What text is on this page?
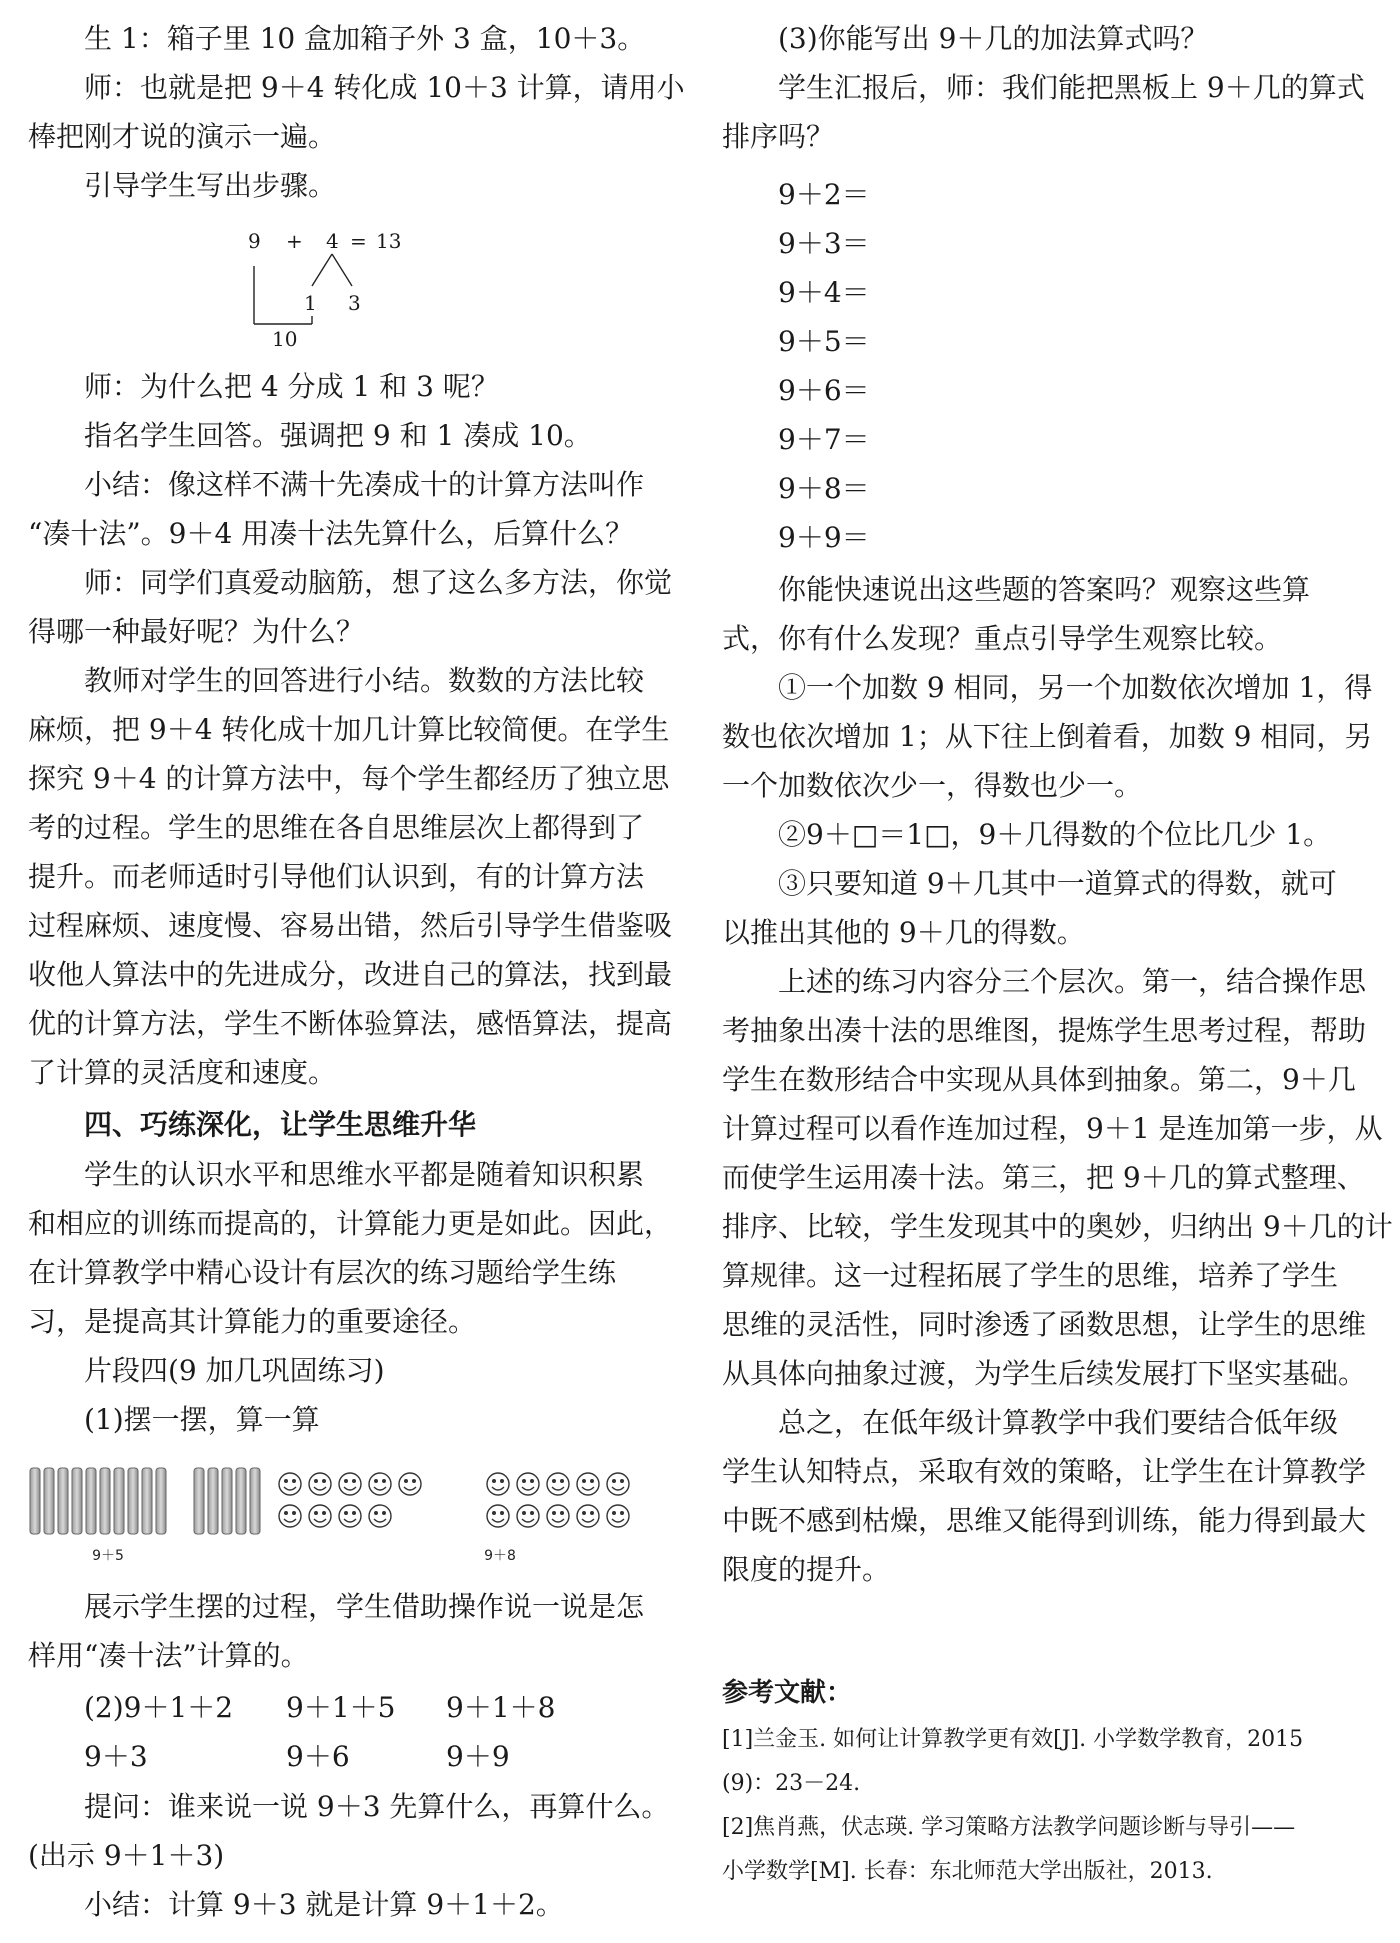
生 1：箱子里 10 盒加箱子外 3 盒，10＋3。

师：也就是把 9＋4 转化成 10＋3 计算，请用小

棒把刚才说的演示一遍。

引导学生写出步骤。

9 + 4 = 13
1 3
10

师：为什么把 4 分成 1 和 3 呢？

指名学生回答。强调把 9 和 1 凑成 10。

小结：像这样不满十先凑成十的计算方法叫作

“凑十法”。9＋4 用凑十法先算什么，后算什么？

师：同学们真爱动脑筋，想了这么多方法，你觉

得哪一种最好呢？为什么？

教师对学生的回答进行小结。数数的方法比较

麻烦，把 9＋4 转化成十加几计算比较简便。在学生

探究 9＋4 的计算方法中，每个学生都经历了独立思

考的过程。学生的思维在各自思维层次上都得到了

提升。而老师适时引导他们认识到，有的计算方法

过程麻烦、速度慢、容易出错，然后引导学生借鉴吸

收他人算法中的先进成分，改进自己的算法，找到最

优的计算方法，学生不断体验算法，感悟算法，提高

了计算的灵活度和速度。

四、巧练深化，让学生思维升华

学生的认识水平和思维水平都是随着知识积累

和相应的训练而提高的，计算能力更是如此。因此，

在计算教学中精心设计有层次的练习题给学生练

习，是提高其计算能力的重要途径。

片段四(9 加几巩固练习)

(1)摆一摆，算一算

9＋5	9＋8

展示学生摆的过程，学生借助操作说一说是怎

样用“凑十法”计算的。

(2)9＋1＋2 9＋1＋5 9＋1＋8
9＋3	9＋6	9＋9

提问：谁来说一说 9＋3 先算什么，再算什么。

(出示 9＋1＋3)

小结：计算 9＋3 就是计算 9＋1＋2。

(3)你能写出 9＋几的加法算式吗？

学生汇报后，师：我们能把黑板上 9＋几的算式

排序吗？

9＋2＝
9＋3＝
9＋4＝
9＋5＝
9＋6＝
9＋7＝
9＋8＝
9＋9＝

你能快速说出这些题的答案吗？观察这些算

式，你有什么发现？重点引导学生观察比较。

①一个加数 9 相同，另一个加数依次增加 1，得

数也依次增加 1；从下往上倒着看，加数 9 相同，另

一个加数依次少一，得数也少一。

②9＋□＝1□，9＋几得数的个位比几少 1。

③只要知道 9＋几其中一道算式的得数，就可

以推出其他的 9＋几的得数。

上述的练习内容分三个层次。第一，结合操作思

考抽象出凑十法的思维图，提炼学生思考过程，帮助

学生在数形结合中实现从具体到抽象。第二，9＋几

计算过程可以看作连加过程，9＋1 是连加第一步，从

而使学生运用凑十法。第三，把 9＋几的算式整理、

排序、比较，学生发现其中的奥妙，归纳出 9＋几的计

算规律。这一过程拓展了学生的思维，培养了学生

思维的灵活性，同时渗透了函数思想，让学生的思维

从具体向抽象过渡，为学生后续发展打下坚实基础。

总之，在低年级计算教学中我们要结合低年级

学生认知特点，采取有效的策略，让学生在计算教学

中既不感到枯燥，思维又能得到训练，能力得到最大

限度的提升。

参考文献：
[1]兰金玉. 如何让计算教学更有效[J]. 小学数学教育，2015
(9)：23－24.
[2]焦肖燕，伏志瑛. 学习策略方法教学问题诊断与导引——
小学数学[M]. 长春：东北师范大学出版社，2013.
